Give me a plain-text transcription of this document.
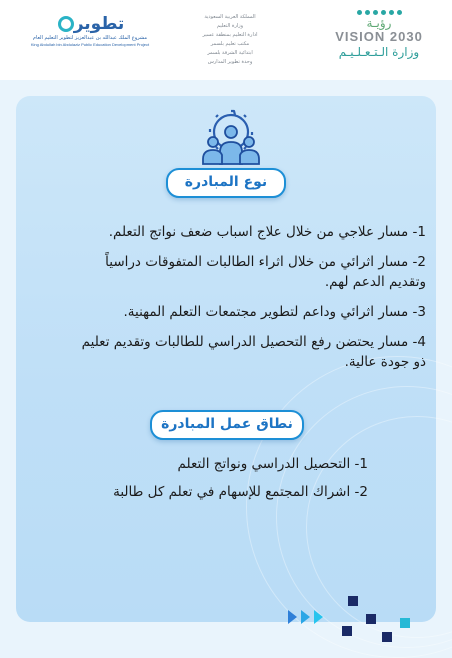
رؤيـة
VISION 2030
وزارة الـتـعـلـيـم
المملكة العربية السعودية
وزارة التعليم
ادارة التعليم بمنطقة عسير
مكتب تعليم بلسمر
ابتدائية الشرفة بلسمر
وحدة تطوير المدارس
تطوير
مشروع الملك عبدالله بن عبدالعزيز لتطوير التعليم العام
King Abdullah bin Abdulaziz Public Education Development Project
نوع المبادرة
1- مسار علاجي من خلال علاج اسباب ضعف نواتج التعلم.
2- مسار اثرائي من خلال اثراء الطالبات المتفوقات دراسياً
وتقديم الدعم لهم.
3- مسار اثرائي وداعم لتطوير مجتمعات التعلم المهنية.
4- مسار يحتضن رفع التحصيل الدراسي للطالبات وتقديم تعليم
ذو جودة عالية.
نطاق عمل المبادرة
1- التحصيل الدراسي ونواتج التعلم
2- اشراك المجتمع للإسهام في تعلم كل طالبة
